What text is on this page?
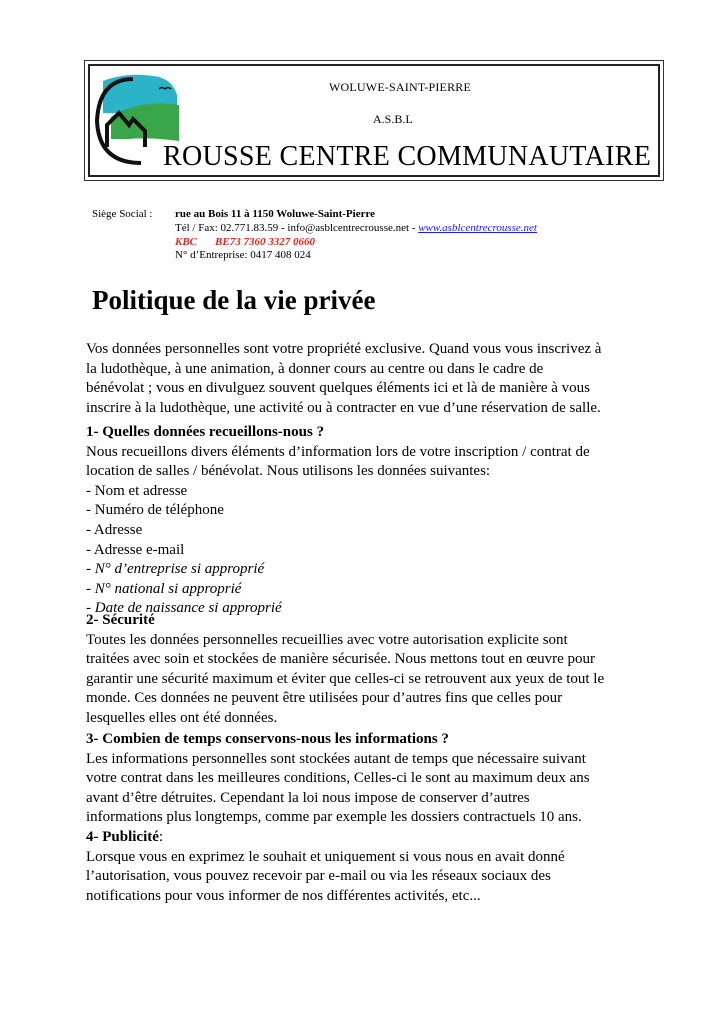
WOLUWE-SAINT-PIERRE
A.S.B.L
ROUSSE CENTRE COMMUNAUTAIRE
Siège Social : rue au Bois 11 à 1150 Woluwe-Saint-Pierre
Tél / Fax: 02.771.83.59 - info@asblcentrecrousse.net - www.asblcentrecrousse.net
KBC BE73 7360 3327 0660
N° d’Entreprise: 0417 408 024
Politique de la vie privée
Vos données personnelles sont votre propriété exclusive. Quand vous vous inscrivez à
la ludothèque, à une animation, à donner cours au centre ou dans le cadre de
bénévolat ; vous en divulguez souvent quelques éléments ici et là de manière à vous
inscrire à la ludothèque, une activité ou à contracter en vue d’une réservation de salle.
1- Quelles données recueillons-nous ?
Nous recueillons divers éléments d’information lors de votre inscription / contrat de
location de salles / bénévolat. Nous utilisons les données suivantes:
- Nom et adresse
- Numéro de téléphone
- Adresse
- Adresse e-mail
- N° d’entreprise si approprié
- N° national si approprié
- Date de naissance si approprié
2- Sécurité
Toutes les données personnelles recueillies avec votre autorisation explicite sont
traitées avec soin et stockées de manière sécurisée. Nous mettons tout en œuvre pour
garantir une sécurité maximum et éviter que celles-ci se retrouvent aux yeux de tout le
monde. Ces données ne peuvent être utilisées pour d’autres fins que celles pour
lesquelles elles ont été données.
3- Combien de temps conservons-nous les informations ?
Les informations personnelles sont stockées autant de temps que nécessaire suivant
votre contrat dans les meilleures conditions, Celles-ci le sont au maximum deux ans
avant d’être détruites. Cependant la loi nous impose de conserver d’autres
informations plus longtemps, comme par exemple les dossiers contractuels 10 ans.
4- Publicité:
Lorsque vous en exprimez le souhait et uniquement si vous nous en avait donné
l’autorisation, vous pouvez recevoir par e-mail ou via les réseaux sociaux des
notifications pour vous informer de nos différentes activités, etc...
